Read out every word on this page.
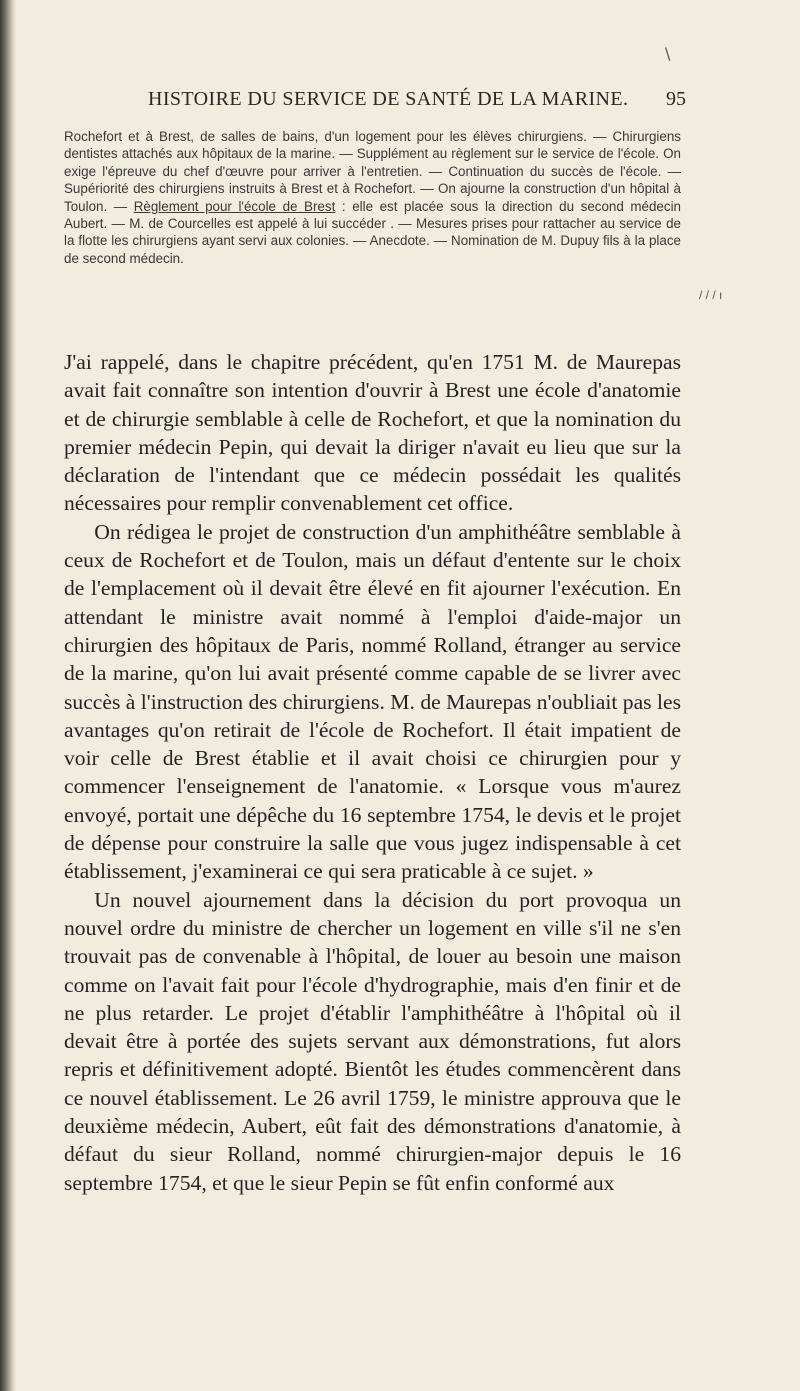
\
HISTOIRE DU SERVICE DE SANTÉ DE LA MARINE. 95
Rochefort et à Brest, de salles de bains, d'un logement pour les élèves chirurgiens. — Chirurgiens dentistes attachés aux hôpitaux de la marine. — Supplément au règlement sur le service de l'école. On exige l'épreuve du chef d'œuvre pour arriver à l'entretien. — Continuation du succès de l'école. — Supériorité des chirurgiens instruits à Brest et à Rochefort. — On ajourne la construction d'un hôpital à Toulon. — Règlement pour l'école de Brest : elle est placée sous la direction du second médecin Aubert. — M. de Courcelles est appelé à lui succéder . — Mesures prises pour rattacher au service de la flotte les chirurgiens ayant servi aux colonies. — Anecdote. — Nomination de M. Dupuy fils à la place de second médecin.
/ / / ı

J'ai rappelé, dans le chapitre précédent, qu'en 1751 M. de Maurepas avait fait connaître son intention d'ouvrir à Brest une école d'anatomie et de chirurgie semblable à celle de Rochefort, et que la nomination du premier médecin Pepin, qui devait la diriger n'avait eu lieu que sur la déclaration de l'intendant que ce médecin possédait les qualités nécessaires pour remplir convenablement cet office.

On rédigea le projet de construction d'un amphithéâtre semblable à ceux de Rochefort et de Toulon, mais un défaut d'entente sur le choix de l'emplacement où il devait être élevé en fit ajourner l'exécution. En attendant le ministre avait nommé à l'emploi d'aide-major un chirurgien des hôpitaux de Paris, nommé Rolland, étranger au service de la marine, qu'on lui avait présenté comme capable de se livrer avec succès à l'instruction des chirurgiens. M. de Maurepas n'oubliait pas les avantages qu'on retirait de l'école de Rochefort. Il était impatient de voir celle de Brest établie et il avait choisi ce chirurgien pour y commencer l'enseignement de l'anatomie. « Lorsque vous m'aurez envoyé, portait une dépêche du 16 septembre 1754, le devis et le projet de dépense pour construire la salle que vous jugez indispensable à cet établissement, j'examinerai ce qui sera praticable à ce sujet. »

Un nouvel ajournement dans la décision du port provoqua un nouvel ordre du ministre de chercher un logement en ville s'il ne s'en trouvait pas de convenable à l'hôpital, de louer au besoin une maison comme on l'avait fait pour l'école d'hydrographie, mais d'en finir et de ne plus retarder. Le projet d'établir l'amphithéâtre à l'hôpital où il devait être à portée des sujets servant aux démonstrations, fut alors repris et définitivement adopté. Bientôt les études commencèrent dans ce nouvel établissement. Le 26 avril 1759, le ministre approuva que le deuxième médecin, Aubert, eût fait des démonstrations d'anatomie, à défaut du sieur Rolland, nommé chirurgien-major depuis le 16 septembre 1754, et que le sieur Pepin se fût enfin conformé aux
